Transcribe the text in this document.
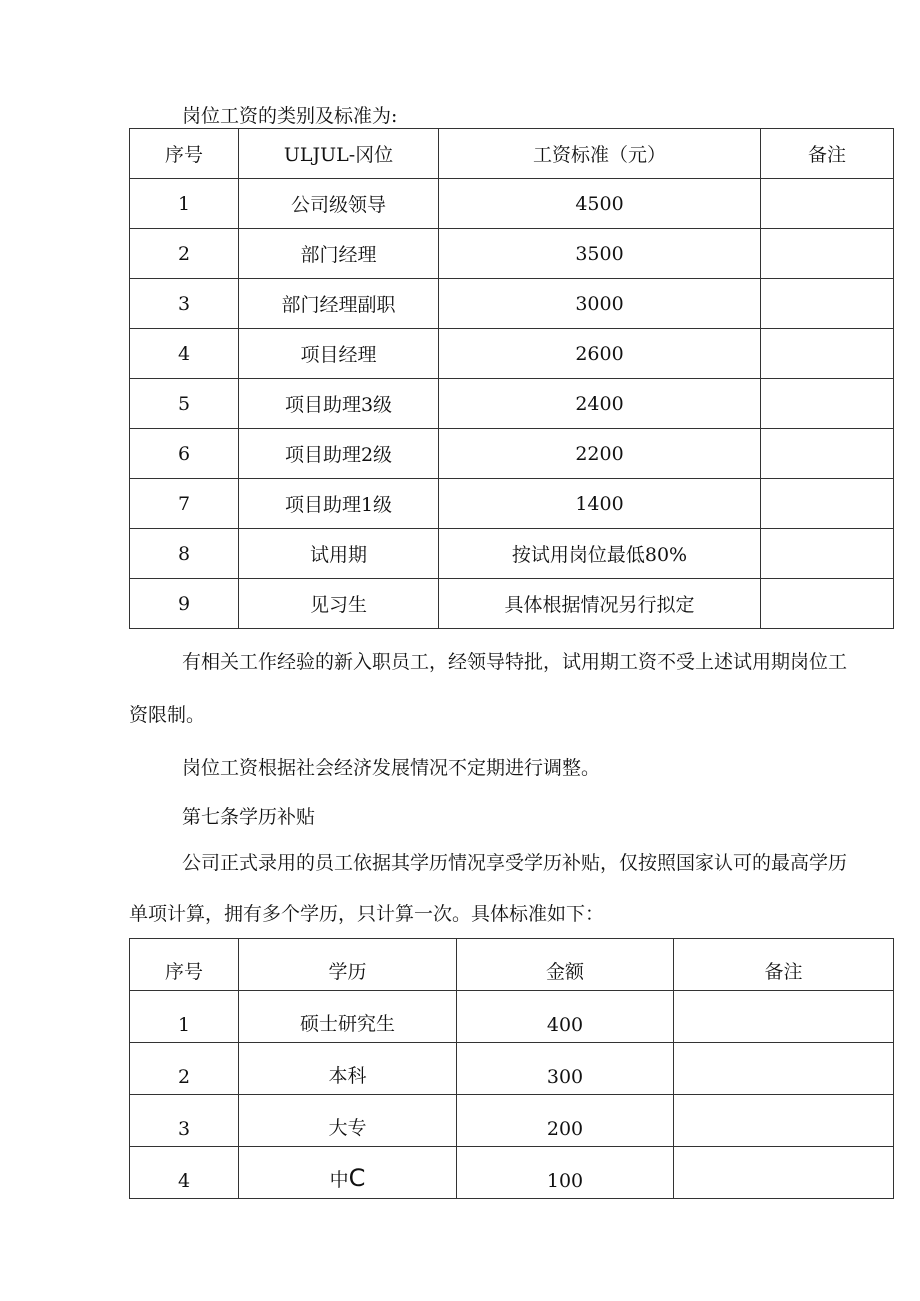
岗位工资的类别及标准为:

序号	ULJUL-冈位	工资标准（元）	备注
1	公司级领导	4500	
2	部门经理	3500	
3	部门经理副职	3000	
4	项目经理	2600	
5	项目助理3级	2400	
6	项目助理2级	2200	
7	项目助理1级	1400	
8	试用期	按试用岗位最低80%	
9	见习生	具体根据情况另行拟定	

有相关工作经验的新入职员工，经领导特批，试用期工资不受上述试用期岗位工

资限制。

岗位工资根据社会经济发展情况不定期进行调整。

第七条学历补贴

公司正式录用的员工依据其学历情况享受学历补贴，仅按照国家认可的最高学历

单项计算，拥有多个学历，只计算一次。具体标准如下：

序号	学历	金额	备注
1	硕士研究生	400	
2	本科	300	
3	大专	200	
4	中C	100	
